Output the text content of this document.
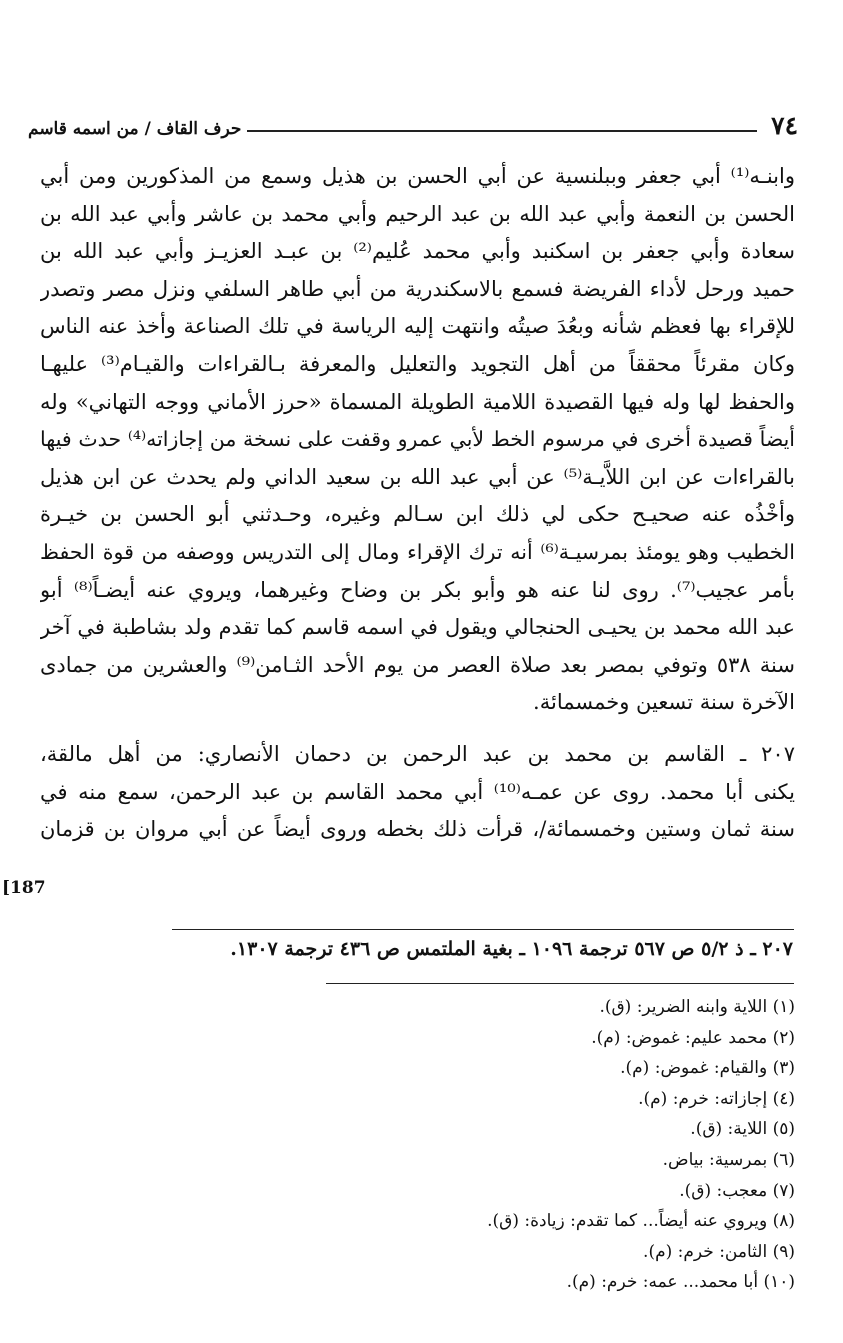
٧٤
حرف القاف / من اسمه قاسم
وابنـه⁽¹⁾ أبي جعفر وببلنسية عن أبي الحسن بن هذيل وسمع من المذكورين ومن أبي
الحسن بن النعمة وأبي عبد الله بن عبد الرحيم وأبي محمد بن عاشر وأبي عبد الله بن
سعادة وأبي جعفر بن اسكنبد وأبي محمد عُليم⁽²⁾ بن عبـد العزيـز وأبي عبد الله بن
حميد ورحل لأداء الفريضة فسمع بالاسكندرية من أبي طاهر السلفي ونزل مصر وتصدر
للإقراء بها فعظم شأنه وبعُدَ صيتُه وانتهت إليه الرياسة في تلك الصناعة وأخذ عنه الناس
وكان مقرئاً محققاً من أهل التجويد والتعليل والمعرفة بـالقراءات والقيـام⁽³⁾ عليهـا
والحفظ لها وله فيها القصيدة اللامية الطويلة المسماة «حرز الأماني ووجه التهاني» وله
أيضاً قصيدة أخرى في مرسوم الخط لأبي عمرو وقفت على نسخة من إجازاته⁽⁴⁾ حدث فيها
بالقراءات عن ابن اللاَّيـة⁽⁵⁾ عن أبي عبد الله بن سعيد الداني ولم يحدث عن ابن هذيل
وأخْذُه عنه صحيـح حكى لي ذلك ابن سـالم وغيره، وحـدثني أبو الحسن بن خيـرة
الخطيب وهو يومئذ بمرسيـة⁽⁶⁾ أنه ترك الإقراء ومال إلى التدريس ووصفه من قوة الحفظ
بأمر عجيب⁽⁷⁾. روى لنا عنه هو وأبو بكر بن وضاح وغيرهما، ويروي عنه أيضـاً⁽⁸⁾ أبو
عبد الله محمد بن يحيـى الحنجالي ويقول في اسمه قاسم كما تقدم ولد بشاطبة في آخر
سنة ٥٣٨ وتوفي بمصر بعد صلاة العصر من يوم الأحد الثـامن⁽⁹⁾ والعشرين من جمادى
الآخرة سنة تسعين وخمسمائة.
٢٠٧ ـ القاسم بن محمد بن عبد الرحمن بن دحمان الأنصاري: من أهل مالقة،
يكنى أبا محمد. روى عن عمـه⁽¹⁰⁾ أبي محمد القاسم بن عبد الرحمن، سمع منه في
سنة ثمان وستين وخمسمائة/، قرأت ذلك بخطه وروى أيضاً عن أبي مروان بن قزمان
[187
٢٠٧ ـ ذ ٥/٢ ص ٥٦٧ ترجمة ١٠٩٦ ـ بغية الملتمس ص ٤٣٦ ترجمة ١٣٠٧.
(١) اللاية وابنه الضرير: (ق).
(٢) محمد عليم: غموض: (م).
(٣) والقيام: غموض: (م).
(٤) إجازاته: خرم: (م).
(٥) اللاية: (ق).
(٦) بمرسية: بياض.
(٧) معجب: (ق).
(٨) ويروي عنه أيضاً... كما تقدم: زيادة: (ق).
(٩) الثامن: خرم: (م).
(١٠) أبا محمد... عمه: خرم: (م).
